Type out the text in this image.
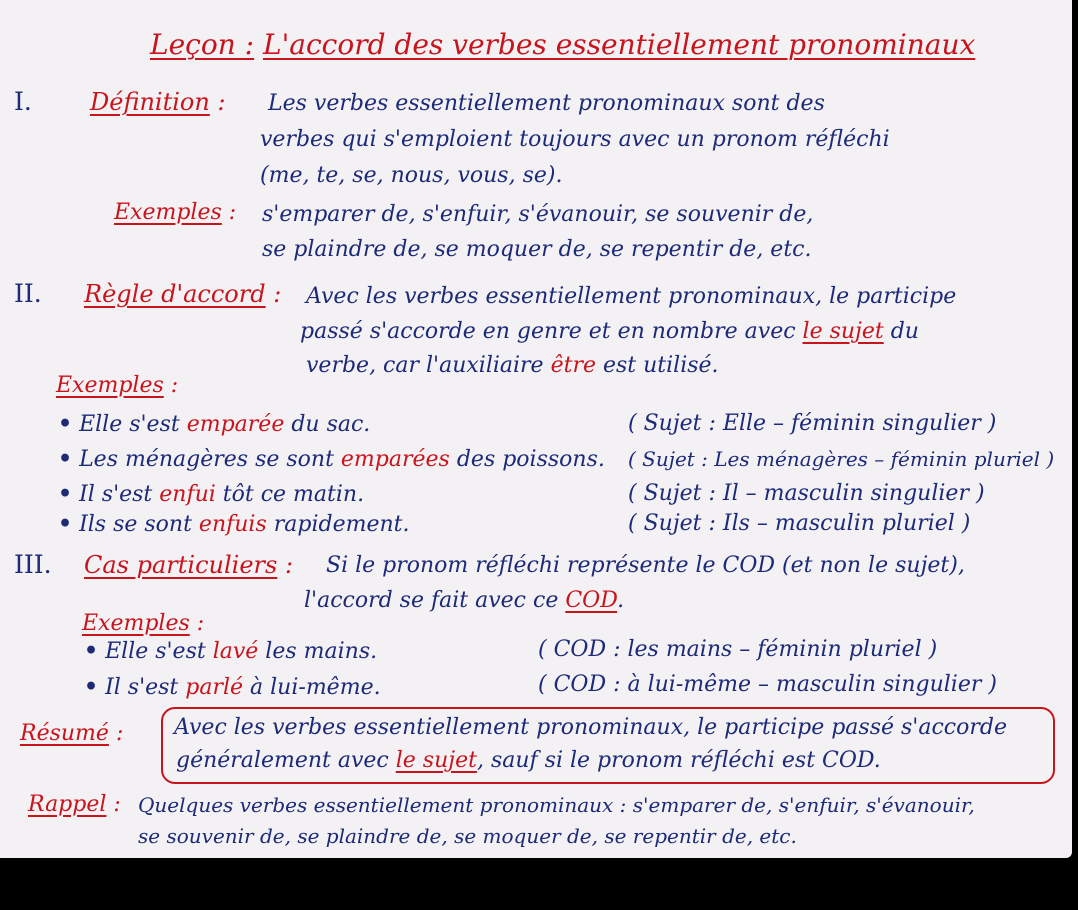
Leçon : L'accord des verbes essentiellement pronominaux
I. Définition : Les verbes essentiellement pronominaux sont des
verbes qui s'emploient toujours avec un pronom réfléchi
(me, te, se, nous, vous, se).
Exemples : s'emparer de, s'enfuir, s'évanouir, se souvenir de,
se plaindre de, se moquer de, se repentir de, etc.
II. Règle d'accord : Avec les verbes essentiellement pronominaux, le participe
passé s'accorde en genre et en nombre avec le sujet du
verbe, car l'auxiliaire être est utilisé.
Exemples :
• Elle s'est emparée du sac.	( Sujet : Elle – féminin singulier )
• Les ménagères se sont emparées des poissons. ( Sujet : Les ménagères – féminin pluriel )
• Il s'est enfui tôt ce matin.	( Sujet : Il – masculin singulier )
• Ils se sont enfuis rapidement.	( Sujet : Ils – masculin pluriel )
III. Cas particuliers : Si le pronom réfléchi représente le COD (et non le sujet),
l'accord se fait avec ce COD.
Exemples :
• Elle s'est lavé les mains.	( COD : les mains – féminin pluriel )
• Il s'est parlé à lui-même.	( COD : à lui-même – masculin singulier )
Résumé : Avec les verbes essentiellement pronominaux, le participe passé s'accorde
généralement avec le sujet, sauf si le pronom réfléchi est COD.
Rappel : Quelques verbes essentiellement pronominaux : s'emparer de, s'enfuir, s'évanouir,
se souvenir de, se plaindre de, se moquer de, se repentir de, etc.
